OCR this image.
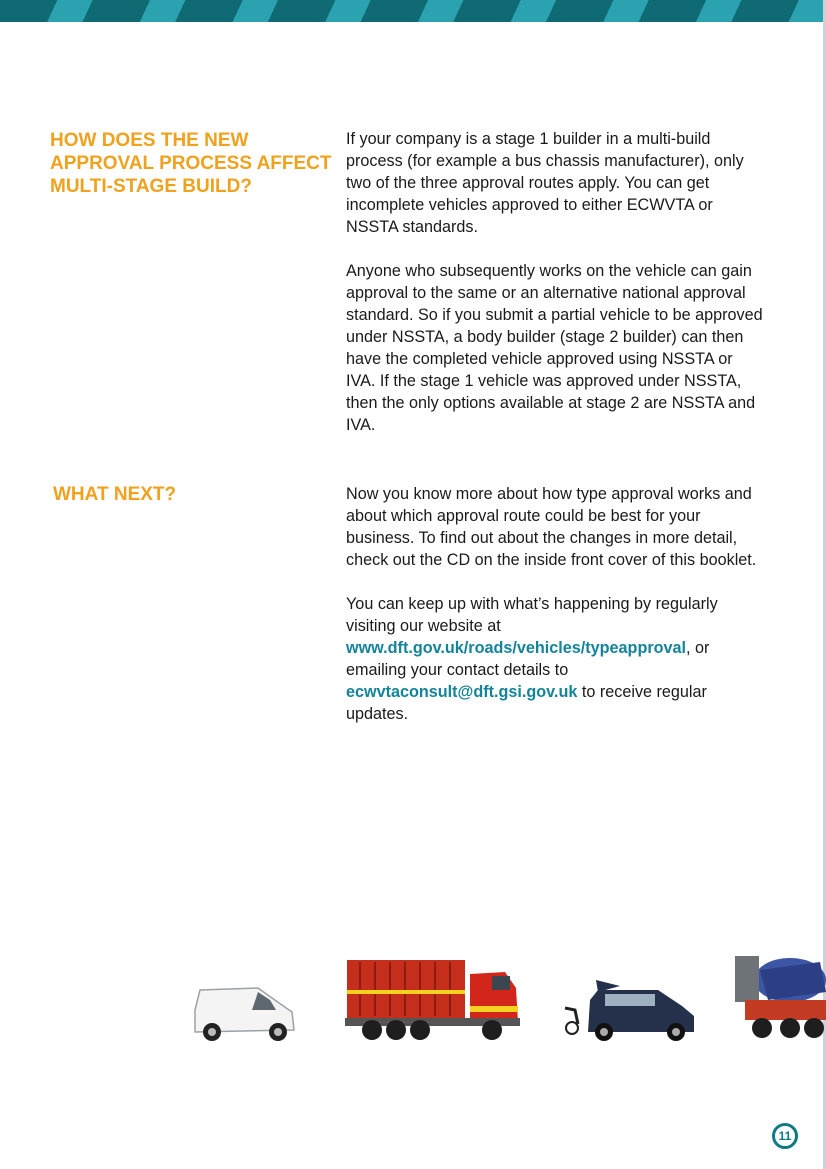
HOW DOES THE NEW
APPROVAL PROCESS AFFECT
MULTI-STAGE BUILD?

If your company is a stage 1 builder in a multi-build process (for example a bus chassis manufacturer), only two of the three approval routes apply. You can get incomplete vehicles approved to either ECWVTA or NSSTA standards.

Anyone who subsequently works on the vehicle can gain approval to the same or an alternative national approval standard. So if you submit a partial vehicle to be approved under NSSTA, a body builder (stage 2 builder) can then have the completed vehicle approved using NSSTA or IVA. If the stage 1 vehicle was approved under NSSTA, then the only options available at stage 2 are NSSTA and IVA.

WHAT NEXT?	Now you know more about how type approval works and about which approval route could be best for your business. To find out about the changes in more detail, check out the CD on the inside front cover of this booklet.

You can keep up with what’s happening by regularly visiting our website at www.dft.gov.uk/roads/vehicles/typeapproval, or emailing your contact details to ecwvtaconsult@dft.gsi.gov.uk to receive regular updates.

11
